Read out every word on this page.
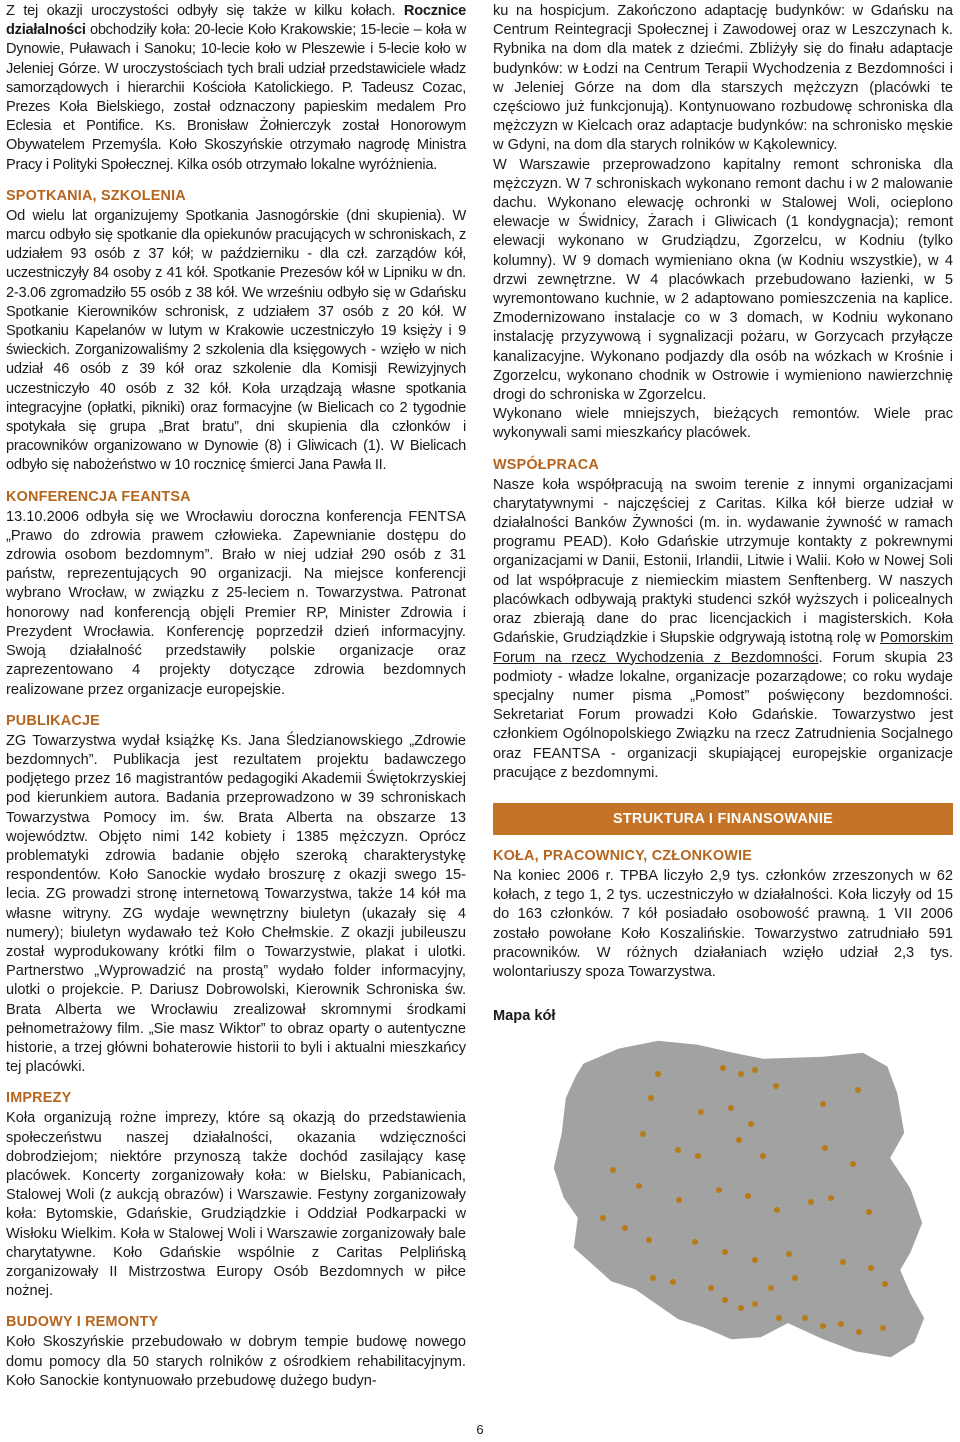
Z tej okazji uroczystości odbyły się także w kilku kołach. Rocznice działalności obchodziły koła: 20-lecie Koło Krakowskie; 15-lecie – koła w Dynowie, Puławach i Sanoku; 10-lecie koło w Pleszewie i 5-lecie koło w Jeleniej Górze. W uroczystościach tych brali udział przedstawiciele władz samorządowych i hierarchii Kościoła Katolickiego. P. Tadeusz Cozac, Prezes Koła Bielskiego, został odznaczony papieskim medalem Pro Eclesia et Pontifice. Ks. Bronisław Żołnierczyk został Honorowym Obywatelem Przemyśla. Koło Skoszyńskie otrzymało nagrodę Ministra Pracy i Polityki Społecznej. Kilka osób otrzymało lokalne wyróżnienia.

SPOTKANIA, SZKOLENIA

Od wielu lat organizujemy Spotkania Jasnogórskie (dni skupienia). W marcu odbyło się spotkanie dla opiekunów pracujących w schroniskach, z udziałem 93 osób z 37 kół; w październiku - dla czł. zarządów kół, uczestniczyły 84 osoby z 41 kół. Spotkanie Prezesów kół w Lipniku w dn. 2-3.06 zgromadziło 55 osób z 38 kół. We wrześniu odbyło się w Gdańsku Spotkanie Kierowników schronisk, z udziałem 37 osób z 20 kół. W Spotkaniu Kapelanów w lutym w Krakowie uczestniczyło 19 księży i 9 świeckich. Zorganizowaliśmy 2 szkolenia dla księgowych - wzięło w nich udział 46 osób z 39 kół oraz szkolenie dla Komisji Rewizyjnych uczestniczyło 40 osób z 32 kół. Koła urządzają własne spotkania integracyjne (opłatki, pikniki) oraz formacyjne (w Bielicach co 2 tygodnie spotykała się grupa „Brat bratu”, dni skupienia dla członków i pracowników organizowano w Dynowie (8) i Gliwicach (1). W Bielicach odbyło się nabożeństwo w 10 rocznicę śmierci Jana Pawła II.

KONFERENCJA FEANTSA

13.10.2006 odbyła się we Wrocławiu doroczna konferencja FENTSA „Prawo do zdrowia prawem człowieka. Zapewnianie dostępu do zdrowia osobom bezdomnym”. Brało w niej udział 290 osób z 31 państw, reprezentujących 90 organizacji. Na miejsce konferencji wybrano Wrocław, w związku z 25-leciem n. Towarzystwa. Patronat honorowy nad konferencją objęli Premier RP, Minister Zdrowia i Prezydent Wrocławia. Konferencję poprzedził dzień informacyjny. Swoją działalność przedstawiły polskie organizacje oraz zaprezentowano 4 projekty dotyczące zdrowia bezdomnych realizowane przez organizacje europejskie.

PUBLIKACJE

ZG Towarzystwa wydał książkę Ks. Jana Śledzianowskiego „Zdrowie bezdomnych”. Publikacja jest rezultatem projektu badawczego podjętego przez 16 magistrantów pedagogiki Akademii Świętokrzyskiej pod kierunkiem autora. Badania przeprowadzono w 39 schroniskach Towarzystwa Pomocy im. św. Brata Alberta na obszarze 13 województw. Objęto nimi 142 kobiety i 1385 mężczyzn. Oprócz problematyki zdrowia badanie objęło szeroką charakterystykę respondentów. Koło Sanockie wydało broszurę z okazji swego 15-lecia. ZG prowadzi stronę internetową Towarzystwa, także 14 kół ma własne witryny. ZG wydaje wewnętrzny biuletyn (ukazały się 4 numery); biuletyn wydawało też Koło Chełmskie. Z okazji jubileuszu został wyprodukowany krótki film o Towarzystwie, plakat i ulotki. Partnerstwo „Wyprowadzić na prostą” wydało folder informacyjny, ulotki o projekcie. P. Dariusz Dobrowolski, Kierownik Schroniska św. Brata Alberta we Wrocławiu zrealizował skromnymi środkami pełnometrażowy film. „Sie masz Wiktor” to obraz oparty o autentyczne historie, a trzej główni bohaterowie historii to byli i aktualni mieszkańcy tej placówki.

IMPREZY

Koła organizują rożne imprezy, które są okazją do przedstawienia społeczeństwu naszej działalności, okazania wdzięczności dobrodziejom; niektóre przynoszą także dochód zasilający kasę placówek. Koncerty zorganizowały koła: w Bielsku, Pabianicach, Stalowej Woli (z aukcją obrazów) i Warszawie. Festyny zorganizowały koła: Bytomskie, Gdańskie, Grudziądzkie i Oddział Podkarpacki w Wisłoku Wielkim. Koła w Stalowej Woli i Warszawie zorganizowały bale charytatywne. Koło Gdańskie wspólnie z Caritas Pelplińską zorganizowały II Mistrzostwa Europy Osób Bezdomnych w piłce nożnej.

BUDOWY I REMONTY

Koło Skoszyńskie przebudowało w dobrym tempie budowę nowego domu pomocy dla 50 starych rolników z ośrodkiem rehabilitacyjnym. Koło Sanockie kontynuowało przebudowę dużego budyn-

ku na hospicjum. Zakończono adaptację budynków: w Gdańsku na Centrum Reintegracji Społecznej i Zawodowej oraz w Leszczynach k. Rybnika na dom dla matek z dziećmi. Zbliżyły się do finału adaptacje budynków: w Łodzi na Centrum Terapii Wychodzenia z Bezdomności i w Jeleniej Górze na dom dla starszych mężczyzn (placówki te częściowo już funkcjonują). Kontynuowano rozbudowę schroniska dla mężczyzn w Kielcach oraz adaptacje budynków: na schronisko męskie w Gdyni, na dom dla starych rolników w Kąkolewnicy.

W Warszawie przeprowadzono kapitalny remont schroniska dla mężczyzn. W 7 schroniskach wykonano remont dachu i w 2 malowanie dachu. Wykonano elewację ochronki w Stalowej Woli, ocieplono elewacje w Świdnicy, Żarach i Gliwicach (1 kondygnacja); remont elewacji wykonano w Grudziądzu, Zgorzelcu, w Kodniu (tylko kolumny). W 9 domach wymieniano okna (w Kodniu wszystkie), w 4 drzwi zewnętrzne. W 4 placówkach przebudowano łazienki, w 5 wyremontowano kuchnie, w 2 adaptowano pomieszczenia na kaplice. Zmodernizowano instalacje co w 3 domach, w Kodniu wykonano instalację przyzywową i sygnalizacji pożaru, w Gorzycach przyłącze kanalizacyjne. Wykonano podjazdy dla osób na wózkach w Krośnie i Zgorzelcu, wykonano chodnik w Ostrowie i wymieniono nawierzchnię drogi do schroniska w Zgorzelcu.

Wykonano wiele mniejszych, bieżących remontów. Wiele prac wykonywali sami mieszkańcy placówek.

WSPÓŁPRACA

Nasze koła współpracują na swoim terenie z innymi organizacjami charytatywnymi - najczęściej z Caritas. Kilka kół bierze udział w działalności Banków Żywności (m. in. wydawanie żywność w ramach programu PEAD). Koło Gdańskie utrzymuje kontakty z pokrewnymi organizacjami w Danii, Estonii, Irlandii, Litwie i Walii. Koło w Nowej Soli od lat współpracuje z niemieckim miastem Senftenberg. W naszych placówkach odbywają praktyki studenci szkół wyższych i policealnych oraz zbierają dane do prac licencjackich i magisterskich. Koła Gdańskie, Grudziądzkie i Słupskie odgrywają istotną rolę w Pomorskim Forum na rzecz Wychodzenia z Bezdomności. Forum skupia 23 podmioty - władze lokalne, organizacje pozarządowe; co roku wydaje specjalny numer pisma „Pomost” poświęcony bezdomności. Sekretariat Forum prowadzi Koło Gdańskie. Towarzystwo jest członkiem Ogólnopolskiego Związku na rzecz Zatrudnienia Socjalnego oraz FEANTSA - organizacji skupiającej europejskie organizacje pracujące z bezdomnymi.

STRUKTURA I FINANSOWANIE
KOŁA, PRACOWNICY, CZŁONKOWIE

Na koniec 2006 r. TPBA liczyło 2,9 tys. członków zrzeszonych w 62 kołach, z tego 1, 2 tys. uczestniczyło w działalności. Koła liczyły od 15 do 163 członków. 7 kół posiadało osobowość prawną. 1 VII 2006 zostało powołane Koło Koszalińskie. Towarzystwo zatrudniało 591 pracowników. W różnych działaniach wzięło udział 2,3 tys. wolontariuszy spoza Towarzystwa.

Mapa kół
6
